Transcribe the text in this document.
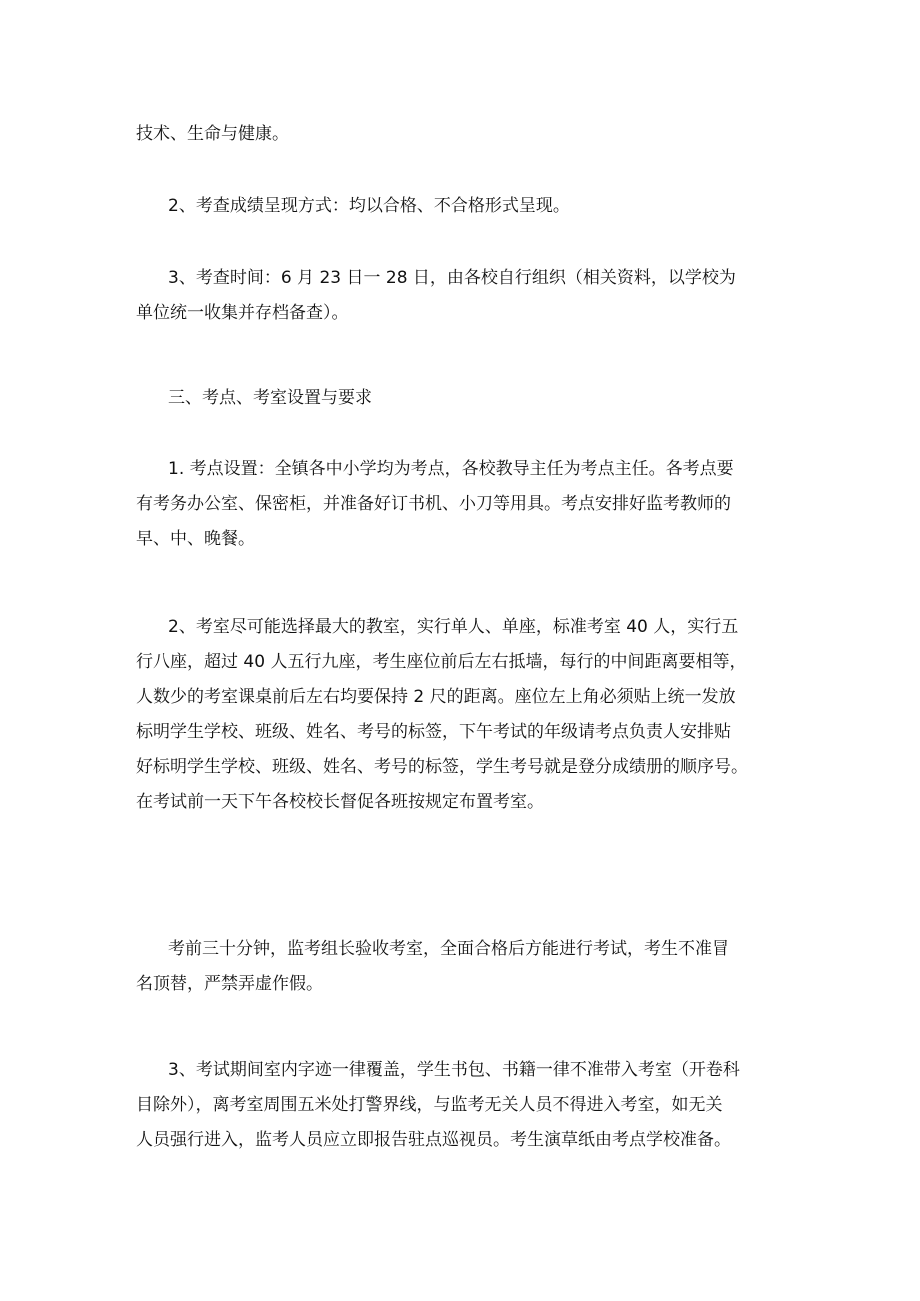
技术、生命与健康。
2、考查成绩呈现方式：均以合格、不合格形式呈现。
3、考查时间：6 月 23 日一 28 日，由各校自行组织（相关资料，以学校为
单位统一收集并存档备查）。
三、考点、考室设置与要求
1. 考点设置：全镇各中小学均为考点，各校教导主任为考点主任。各考点要
有考务办公室、保密柜，并准备好订书机、小刀等用具。考点安排好监考教师的
早、中、晚餐。
2、考室尽可能选择最大的教室，实行单人、单座，标准考室 40 人，实行五
行八座，超过 40 人五行九座，考生座位前后左右抵墙，每行的中间距离要相等，
人数少的考室课桌前后左右均要保持 2 尺的距离。座位左上角必须贴上统一发放
标明学生学校、班级、姓名、考号的标签，下午考试的年级请考点负责人安排贴
好标明学生学校、班级、姓名、考号的标签，学生考号就是登分成绩册的顺序号。
在考试前一天下午各校校长督促各班按规定布置考室。
考前三十分钟，监考组长验收考室，全面合格后方能进行考试，考生不准冒
名顶替，严禁弄虚作假。
3、考试期间室内字迹一律覆盖，学生书包、书籍一律不准带入考室（开卷科
目除外），离考室周围五米处打警界线，与监考无关人员不得进入考室，如无关
人员强行进入，监考人员应立即报告驻点巡视员。考生演草纸由考点学校准备。
